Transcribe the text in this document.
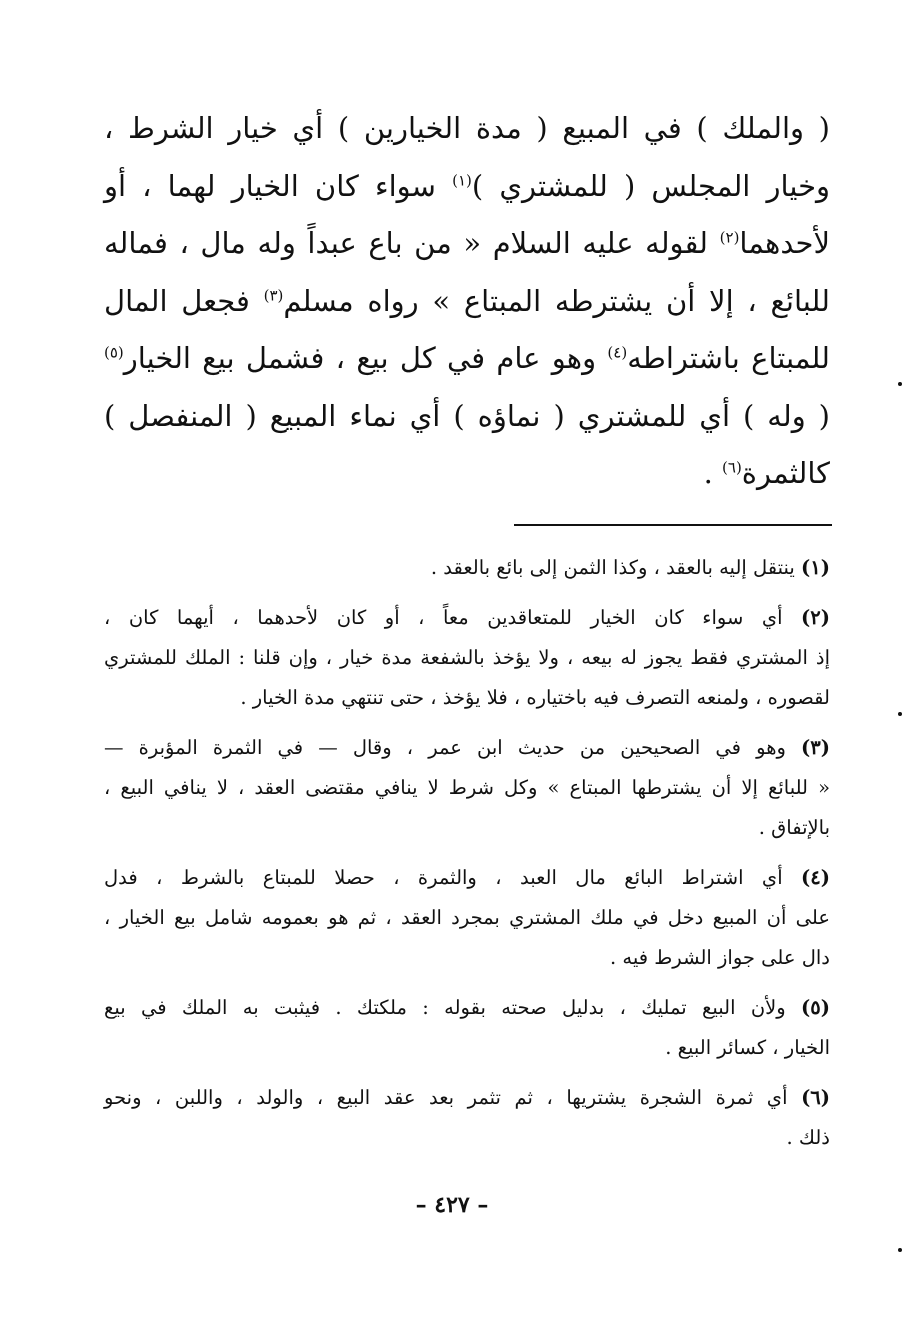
( والملك ) في المبيع ( مدة الخيارين ) أي خيار الشرط ،
وخيار المجلس ( للمشتري )$^{(١)}$ سواء كان الخيار لهما ، أو
لأحدهما$^{(٢)}$ لقوله عليه السلام « من باع عبداً وله مال ، فماله
للبائع ، إلا أن يشترطه المبتاع » رواه مسلم$^{(٣)}$ فجعل المال
للمبتاع باشتراطه$^{(٤)}$ وهو عام في كل بيع ، فشمل بيع الخيار$^{(٥)}$
( وله ) أي للمشتري ( نماؤه ) أي نماء المبيع ( المنفصل )
كالثمرة$^{(٦)}$ .
(١) ينتقل إليه بالعقد ، وكذا الثمن إلى بائع بالعقد .
(٢) أي سواء كان الخيار للمتعاقدين معاً ، أو كان لأحدهما ، أيهما كان ،
إذ المشتري فقط يجوز له بيعه ، ولا يؤخذ بالشفعة مدة خيار ، وإن قلنا : الملك للمشتري
لقصوره ، ولمنعه التصرف فيه باختياره ، فلا يؤخذ ، حتى تنتهي مدة الخيار .
(٣) وهو في الصحيحين من حديث ابن عمر ، وقال — في الثمرة المؤبرة —
« للبائع إلا أن يشترطها المبتاع » وكل شرط لا ينافي مقتضى العقد ، لا ينافي البيع ،
بالإتفاق .
(٤) أي اشتراط البائع مال العبد ، والثمرة ، حصلا للمبتاع بالشرط ، فدل
على أن المبيع دخل في ملك المشتري بمجرد العقد ، ثم هو بعمومه شامل بيع الخيار ،
دال على جواز الشرط فيه .
(٥) ولأن البيع تمليك ، بدليل صحته بقوله : ملكتك . فيثبت به الملك في بيع
الخيار ، كسائر البيع .
(٦) أي ثمرة الشجرة يشتريها ، ثم تثمر بعد عقد البيع ، والولد ، واللبن ، ونحو
ذلك .
– ٤٢٧ –
